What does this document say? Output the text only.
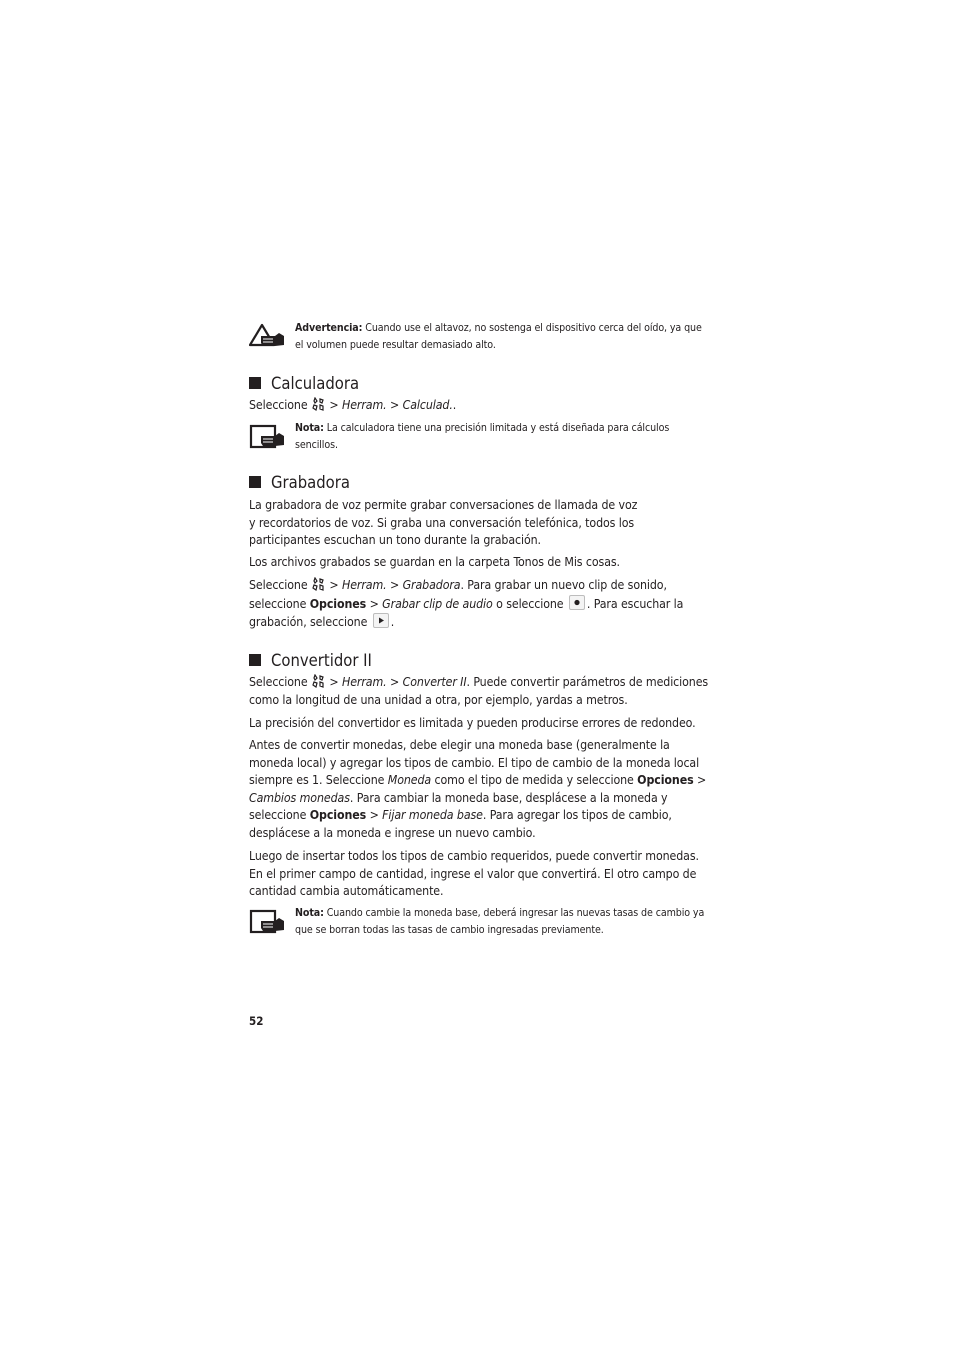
Advertencia: Cuando use el altavoz, no sostenga el dispositivo cerca del oído, ya que el volumen puede resultar demasiado alto.

Calculadora

Seleccione  > Herram. > Calculad..

Nota: La calculadora tiene una precisión limitada y está diseñada para cálculos sencillos.

Grabadora

La grabadora de voz permite grabar conversaciones de llamada de voz y recordatorios de voz. Si graba una conversación telefónica, todos los participantes escuchan un tono durante la grabación.

Los archivos grabados se guardan en la carpeta Tonos de Mis cosas.

Seleccione  > Herram. > Grabadora. Para grabar un nuevo clip de sonido, seleccione Opciones > Grabar clip de audio o seleccione
. Para escuchar la grabación, seleccione
.

Convertidor II

Seleccione  > Herram. > Converter II. Puede convertir parámetros de mediciones como la longitud de una unidad a otra, por ejemplo, yardas a metros.

La precisión del convertidor es limitada y pueden producirse errores de redondeo.

Antes de convertir monedas, debe elegir una moneda base (generalmente la moneda local) y agregar los tipos de cambio. El tipo de cambio de la moneda local siempre es 1. Seleccione Moneda como el tipo de medida y seleccione Opciones > Cambios monedas. Para cambiar la moneda base, desplácese a la moneda y seleccione Opciones > Fijar moneda base. Para agregar los tipos de cambio, desplácese a la moneda e ingrese un nuevo cambio.

Luego de insertar todos los tipos de cambio requeridos, puede convertir monedas. En el primer campo de cantidad, ingrese el valor que convertirá. El otro campo de cantidad cambia automáticamente.

Nota: Cuando cambie la moneda base, deberá ingresar las nuevas tasas de cambio ya que se borran todas las tasas de cambio ingresadas previamente.

52
